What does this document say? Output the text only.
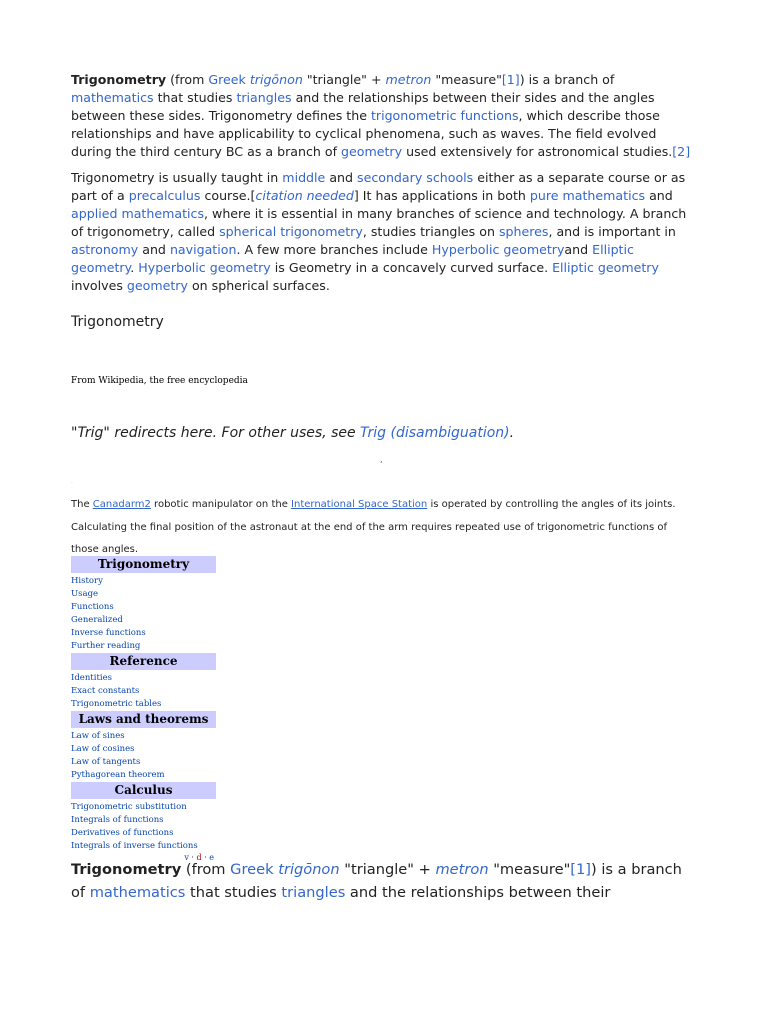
Trigonometry (from Greek trigōnon "triangle" + metron "measure"[1]) is a branch of mathematics that studies triangles and the relationships between their sides and the angles between these sides. Trigonometry defines the trigonometric functions, which describe those relationships and have applicability to cyclical phenomena, such as waves. The field evolved during the third century BC as a branch of geometry used extensively for astronomical studies.[2]

Trigonometry is usually taught in middle and secondary schools either as a separate course or as part of a precalculus course.[citation needed] It has applications in both pure mathematics and applied mathematics, where it is essential in many branches of science and technology. A branch of trigonometry, called spherical trigonometry, studies triangles on spheres, and is important in astronomy and navigation. A few more branches include Hyperbolic geometryand Elliptic geometry. Hyperbolic geometry is Geometry in a concavely curved surface. Elliptic geometry involves geometry on spherical surfaces.

Trigonometry
From Wikipedia, the free encyclopedia

"Trig" redirects here. For other uses, see Trig (disambiguation).

,
.

The Canadarm2 robotic manipulator on the International Space Station is operated by controlling the angles of its joints. Calculating the final position of the astronaut at the end of the arm requires repeated use of trigonometric functions of those angles.

Trigonometry
History
Usage
Functions
Generalized
Inverse functions
Further reading
Reference
Identities
Exact constants
Trigonometric tables
Laws and theorems
Law of sines
Law of cosines
Law of tangents
Pythagorean theorem
Calculus
Trigonometric substitution
Integrals of functions
Derivatives of functions
Integrals of inverse functions
v · d · e

Trigonometry (from Greek trigōnon "triangle" + metron "measure"[1]) is a branch of mathematics that studies triangles and the relationships between their
